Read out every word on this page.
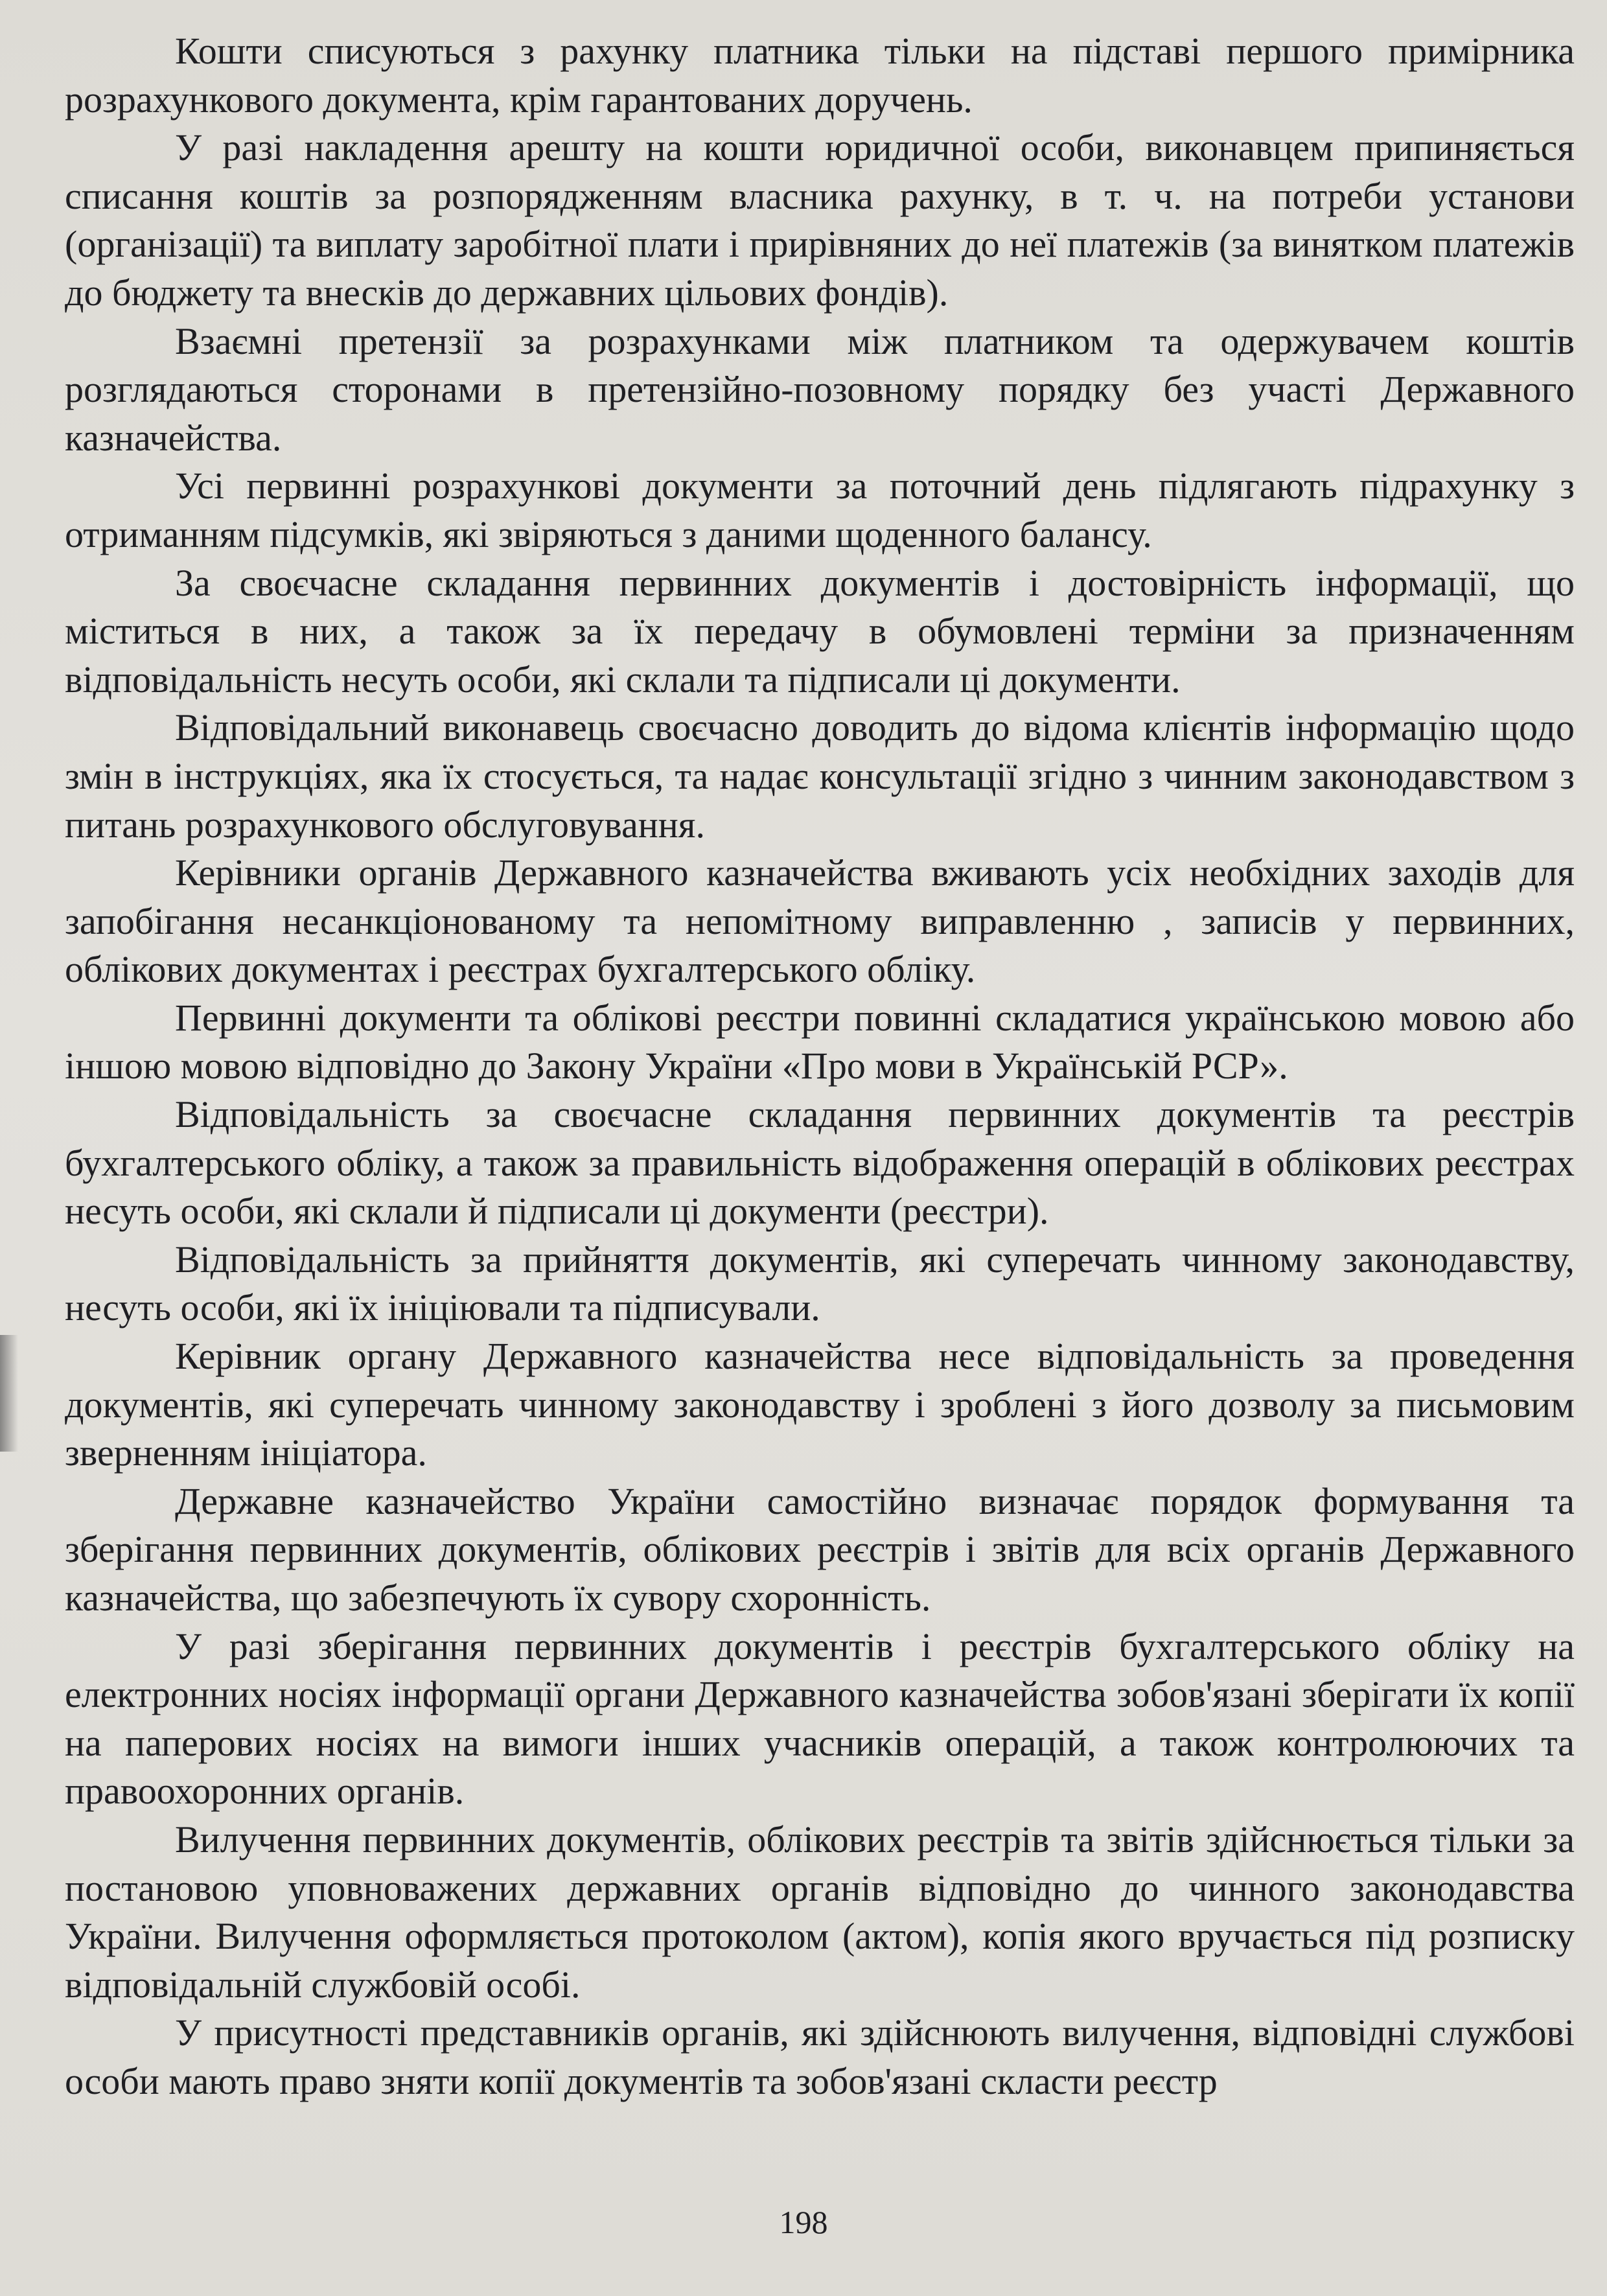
Кошти списуються з рахунку платника тільки на підставі першого примірника розрахункового документа, крім гарантованих доручень.

У разі накладення арешту на кошти юридичної особи, виконавцем припиняється списання коштів за розпорядженням власника рахунку, в т. ч. на потреби установи (організації) та виплату заробітної плати і прирівняних до неї платежів (за винятком платежів до бюджету та внесків до державних цільових фондів).

Взаємні претензії за розрахунками між платником та одержувачем коштів розглядаються сторонами в претензійно-позовному порядку без участі Державного казначейства.

Усі первинні розрахункові документи за поточний день підлягають підрахунку з отриманням підсумків, які звіряються з даними щоденного балансу.

За своєчасне складання первинних документів і достовірність інформації, що міститься в них, а також за їх передачу в обумовлені терміни за призначенням відповідальність несуть особи, які склали та підписали ці документи.

Відповідальний виконавець своєчасно доводить до відома клієнтів інформацію щодо змін в інструкціях, яка їх стосується, та надає консультації згідно з чинним законодавством з питань розрахункового обслуговування.

Керівники органів Державного казначейства вживають усіх необхідних заходів для запобігання несанкціонованому та непомітному виправленню , записів у первинних, облікових документах і реєстрах бухгалтерського обліку.

Первинні документи та облікові реєстри повинні складатися українською мовою або іншою мовою відповідно до Закону України «Про мови в Українській РСР».

Відповідальність за своєчасне складання первинних документів та реєстрів бухгалтерського обліку, а також за правильність відображення операцій в облікових реєстрах несуть особи, які склали й підписали ці документи (реєстри).

Відповідальність за прийняття документів, які суперечать чинному законодавству, несуть особи, які їх ініціювали та підписували.

Керівник органу Державного казначейства несе відповідальність за проведення документів, які суперечать чинному законодавству і зроблені з його дозволу за письмовим зверненням ініціатора.

Державне казначейство України самостійно визначає порядок формування та зберігання первинних документів, облікових реєстрів і звітів для всіх органів Державного казначейства, що забезпечують їх сувору схоронність.

У разі зберігання первинних документів і реєстрів бухгалтерського обліку на електронних носіях інформації органи Державного казначейства зобов'язані зберігати їх копії на паперових носіях на вимоги інших учасників операцій, а також контролюючих та правоохоронних органів.

Вилучення первинних документів, облікових реєстрів та звітів здійснюється тільки за постановою уповноважених державних органів відповідно до чинного законодавства України. Вилучення оформляється протоколом (актом), копія якого вручається під розписку відповідальній службовій особі.

У присутності представників органів, які здійснюють вилучення, відповідні службові особи мають право зняти копії документів та зобов'язані скласти реєстр

198
